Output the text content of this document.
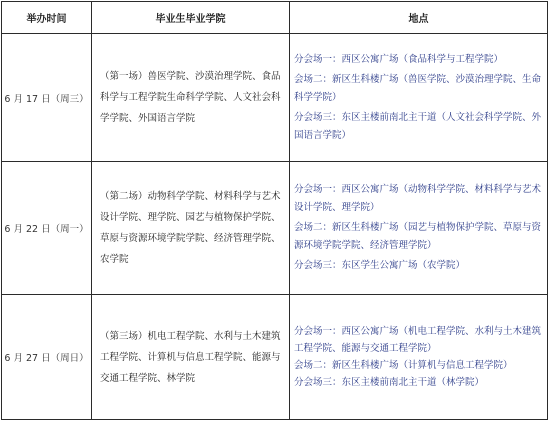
举办时间	毕业生毕业学院	地点
6 月 17 日（周三）	（第一场）兽医学院、沙漠治理学院、食品科学与工程学院生命科学学院、人文社会科学学院、外国语言学院	分会场一：西区公寓广场（食品科学与工程学院）
会场二：新区生科楼广场（兽医学院、沙漠治理学院、生命科学学院）
分会场三：东区主楼前南北主干道（人文社会科学学院、外国语言学院）

6 月 22 日（周一）	（第二场）动物科学学院、材料科学与艺术设计学院、理学院、园艺与植物保护学院、草原与资源环境学院学院、经济管理学院、农学院	分会场一：西区公寓广场（动物科学学院、材料科学与艺术设计学院、理学院）
会场二：新区生科楼广场（园艺与植物保护学院、草原与资源环境学院学院、经济管理学院）
分会场三：东区学生公寓广场（农学院）

6 月 27 日（周日）	（第三场）机电工程学院、水利与土木建筑工程学院、计算机与信息工程学院、能源与交通工程学院、林学院	分会场一：西区公寓广场（机电工程学院、水利与土木建筑工程学院、能源与交通工程学院）
会场二：新区生科楼广场（计算机与信息工程学院）
分会场三：东区主楼前南北主干道（林学院）
